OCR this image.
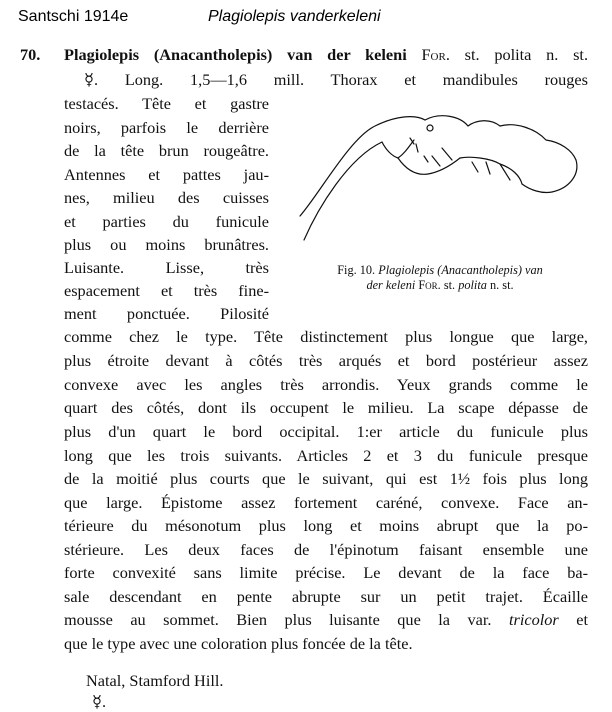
Santschi 1914e	Plagiolepis vanderkeleni
70. Plagiolepis (Anacantholepis) van der keleni For. st. polita n. st.
☿. Long. 1,5—1,6 mill. Thorax et mandibules rouges
testacés. Tête et gastre
noirs, parfois le derrière
de la tête brun rougeâtre.
Antennes et pattes jau-
nes, milieu des cuisses
et parties du funicule
plus ou moins brunâtres.
Luisante. Lisse, très
espacement et très fine-
ment ponctuée. Pilosité
comme chez le type. Tête distinctement plus longue que large,
plus étroite devant à côtés très arqués et bord postérieur assez
convexe avec les angles très arrondis. Yeux grands comme le
quart des côtés, dont ils occupent le milieu. La scape dépasse de
plus d'un quart le bord occipital. 1:er article du funicule plus
long que les trois suivants. Articles 2 et 3 du funicule presque
de la moitié plus courts que le suivant, qui est 1½ fois plus long
que large. Épistome assez fortement caréné, convexe. Face an-
térieure du mésonotum plus long et moins abrupt que la po-
stérieure. Les deux faces de l'épinotum faisant ensemble une
forte convexité sans limite précise. Le devant de la face ba-
sale descendant en pente abrupte sur un petit trajet. Écaille
mousse au sommet. Bien plus luisante que la var. tricolor et
que le type avec une coloration plus foncée de la tête.
Natal, Stamford Hill.
☿.
Fig. 10. Plagiolepis (Anacantholepis) van
der keleni For. st. polita n. st.
